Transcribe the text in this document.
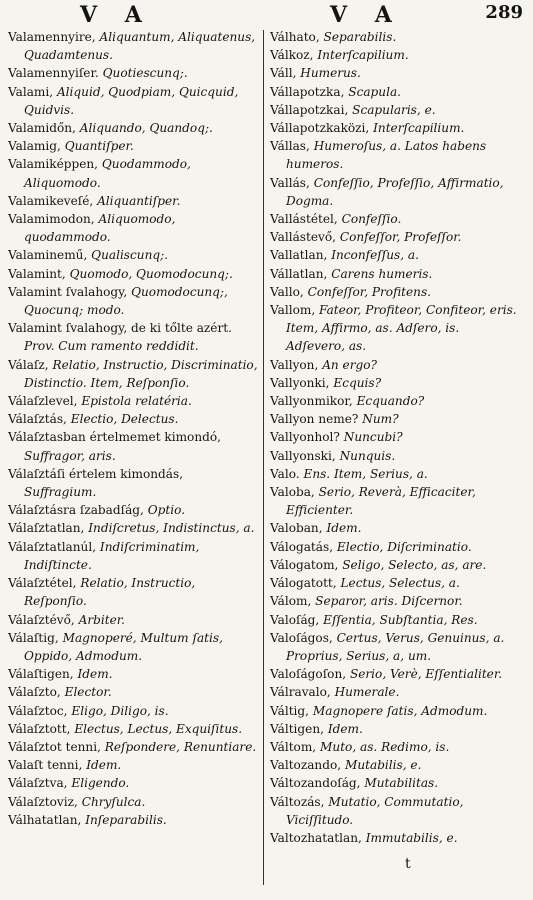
V A	V A	289
Valamennyire, Aliquantum, Aliquatenus, Quadamtenus.
Valamennyiſer. Quotiescunq;.
Valami, Aliquid, Quodpiam, Quicquid, Quidvis.
Valamidőn, Aliquando, Quandoq;.
Valamig, Quantiſper.
Valamiképpen, Quodammodo, Aliquomodo.
Valamikeveſé, Aliquantiſper.
Valamimodon, Aliquomodo, quodammodo.
Valaminemű, Qualiscunq;.
Valamint, Quomodo, Quomodocunq;.
Valamint ſvalahogy, Quomodocunq;, Quocunq; modo.
Valamint ſvalahogy, de ki tőlte azért. Prov. Cum ramento reddidit.
Válaſz, Relatio, Instructio, Discriminatio, Distinctio. Item, Reſponſio.
Válaſzlevel, Epistola relatéria.
Válaſztás, Electio, Delectus.
Válaſztasban értelmemet kimondó, Suffragor, aris.
Válaſztáſi értelem kimondás, Suffragium.
Válaſztásra ſzabadſág, Optio.
Válaſztatlan, Indiſcretus, Indistinctus, a.
Válaſztatlanúl, Indiſcriminatim, Indiſtincte.
Válaſztétel, Relatio, Instructio, Reſponſio.
Válaſztévő, Arbiter.
Válaſtig, Magnoperé, Multum ſatis, Oppido, Admodum.
Válaſtigen, Idem.
Válaſzto, Elector.
Válaſztoc, Eligo, Diligo, is.
Válaſztott, Electus, Lectus, Exquiſitus.
Válaſztot tenni, Reſpondere, Renuntiare.
Valaſt tenni, Idem.
Válaſztva, Eligendo.
Válaſztoviz, Chryſulca.
Válhatatlan, Inſeparabilis.
Válhato, Separabilis.
Válkoz, Interſcapilium.
Váll, Humerus.
Vállapotzka, Scapula.
Vállapotzkai, Scapularis, e.
Vállapotzkaközi, Interſcapilium.
Vállas, Humeroſus, a. Latos habens humeros.
Vallás, Confeſſio, Profeſſio, Affirmatio, Dogma.
Vallástétel, Confeſſio.
Vallástevő, Confeſſor, Profeſſor.
Vallatlan, Inconfeſſus, a.
Vállatlan, Carens humeris.
Vallo, Confeſſor, Profitens.
Vallom, Fateor, Profiteor, Confiteor, eris. Item, Affirmo, as. Adſero, is. Adſevero, as.
Vallyon, An ergo?
Vallyonki, Ecquis?
Vallyonmikor, Ecquando?
Vallyon neme? Num?
Vallyonhol? Nuncubi?
Vallyonski, Nunquis.
Valo. Ens. Item, Serius, a.
Valoba, Serio, Reverà, Efficaciter, Efficienter.
Valoban, Idem.
Válogatás, Electio, Diſcriminatio.
Válogatom, Seligo, Selecto, as, are.
Válogatott, Lectus, Selectus, a.
Válom, Separor, aris. Diſcernor.
Valoſág, Eſſentia, Subſtantia, Res.
Valoſágos, Certus, Verus, Genuinus, a. Proprius, Serius, a, um.
Valoſágoſon, Serio, Verè, Eſſentialiter.
Válravalo, Humerale.
Váltig, Magnopere ſatis, Admodum.
Váltigen, Idem.
Váltom, Muto, as. Redimo, is.
Valtozando, Mutabilis, e.
Változandoſág, Mutabilitas.
Változás, Mutatio, Commutatio, Viciſſitudo.
Valtozhatatlan, Immutabilis, e.
t
